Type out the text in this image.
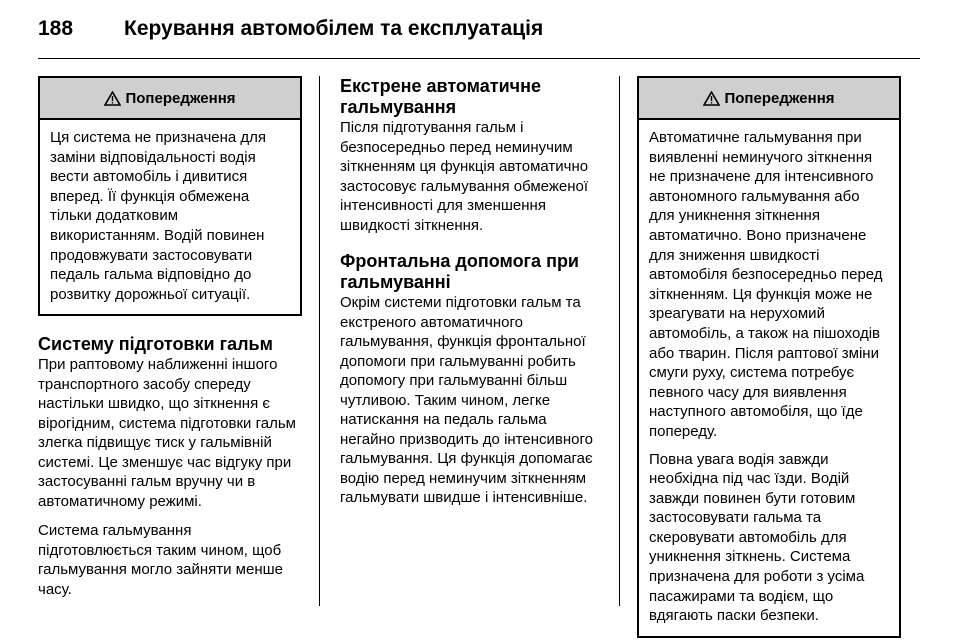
188	Керування автомобілем та експлуатація
Попередження

Ця система не призначена для заміни відповідальності водія вести автомобіль і дивитися вперед. Її функція обмежена тільки додатковим використанням. Водій повинен продовжувати застосовувати педаль гальма відповідно до розвитку дорожньої ситуації.

Систему підготовки гальм

При раптовому наближенні іншого транспортного засобу спереду настільки швидко, що зіткнення є вірогідним, система підготовки гальм злегка підвищує тиск у гальмівній системі. Це зменшує час відгуку при застосуванні гальм вручну чи в автоматичному режимі.

Система гальмування підготовлюється таким чином, щоб гальмування могло зайняти менше часу.

Екстрене автоматичне гальмування

Після підготування гальм і безпосередньо перед неминучим зіткненням ця функція автоматично застосовує гальмування обмеженої інтенсивності для зменшення швидкості зіткнення.

Фронтальна допомога при гальмуванні

Окрім системи підготовки гальм та екстреного автоматичного гальмування, функція фронтальної допомоги при гальмуванні робить допомогу при гальмуванні більш чутливою. Таким чином, легке натискання на педаль гальма негайно призводить до інтенсивного гальмування. Ця функція допомагає водію перед неминучим зіткненням гальмувати швидше і інтенсивніше.

Попередження

Автоматичне гальмування при виявленні неминучого зіткнення не призначене для інтенсивного автономного гальмування або для уникнення зіткнення автоматично. Воно призначене для зниження швидкості автомобіля безпосередньо перед зіткненням. Ця функція може не зреагувати на нерухомий автомобіль, а також на пішоходів або тварин. Після раптової зміни смуги руху, система потребує певного часу для виявлення наступного автомобіля, що їде попереду.

Повна увага водія завжди необхідна під час їзди. Водій завжди повинен бути готовим застосовувати гальма та скеровувати автомобіль для уникнення зіткнень. Система призначена для роботи з усіма пасажирами та водієм, що вдягають паски безпеки.
